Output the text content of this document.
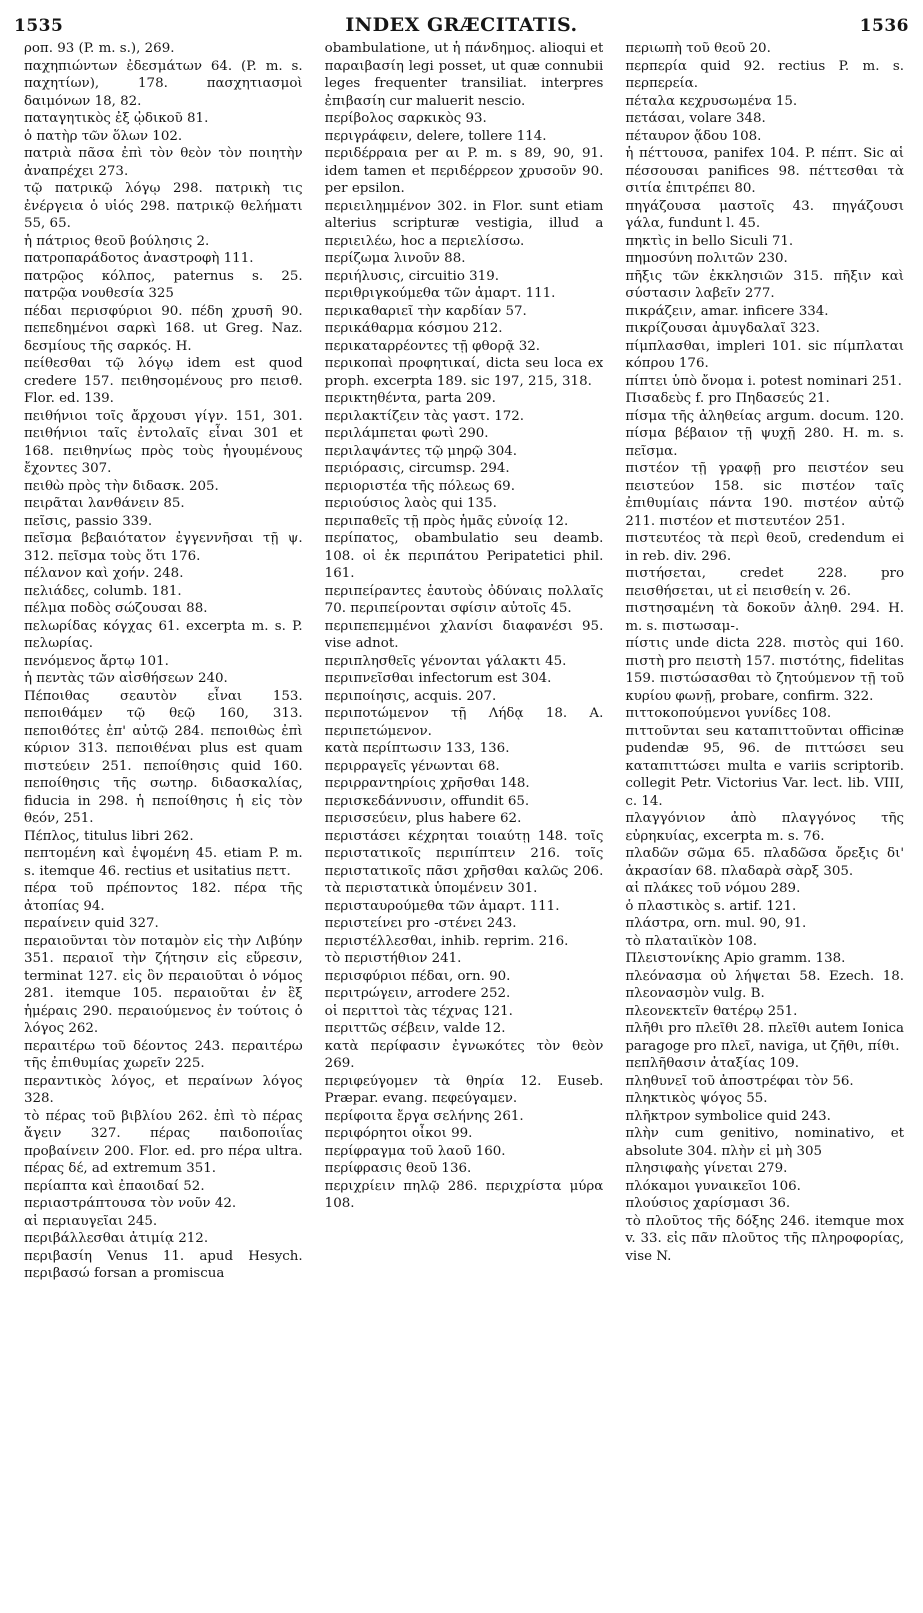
1535	INDEX GRÆCITATIS.	1536

ροπ. 93 (P. m. s.), 269.

παχηπιώντων ἐδεσμάτων 64. (P. m. s. παχητίων), 178. πασχητιασμοὶ δαιμόνων 18, 82.

παταγητικὸς ἐξ ᾠδικοῦ 81.

ὁ πατὴρ τῶν ὅλων 102.

πατριὰ πᾶσα ἐπὶ τὸν θεὸν τὸν ποιητὴν ἀναπρέχει 273.

τῷ πατρικῷ λόγῳ 298. πατρικὴ τις ἐνέργεια ὁ υἱός 298. πατρικῷ θελήματι 55, 65.

ἡ πάτριος θεοῦ βούλησις 2.

πατροπαράδοτος ἀναστροφὴ 111.

πατρῷος κόλπος, paternus s. 25. πατρῷα νουθεσία 325

πέδαι περισφύριοι 90. πέδη χρυσῆ 90. πεπεδημένοι σαρκὶ 168. ut Greg. Naz. δεσμίους τῆς σαρκός. H.

πείθεσθαι τῷ λόγῳ idem est quod credere 157. πειθησομένους pro πεισθ. Flor. ed. 139.

πειθήνιοι τοῖς ἄρχουσι γίγν. 151, 301. πειθήνιοι ταῖς ἐντολαῖς εἶναι 301 et 168. πειθηνίως πρὸς τοὺς ἡγουμένους ἔχοντες 307.

πειθὼ πρὸς τὴν διδασκ. 205.

πειρᾶται λανθάνειν 85.

πεῖσις, passio 339.

πεῖσμα βεβαιότατον ἐγγεννῆσαι τῇ ψ. 312. πεῖσμα τοὺς ὅτι 176.

πέλανον καὶ χοήν. 248.

πελιάδες, columb. 181.

πέλμα ποδὸς σώζουσαι 88.

πελωρίδας κόγχας 61. excerpta m. s. P. πελωρίας.

πενόμενος ἄρτῳ 101.

ἡ πεντὰς τῶν αἰσθήσεων 240.

Πέποιθας σεαυτὸν εἶναι 153. πεποιθάμεν τῷ θεῷ 160, 313. πεποιθότες ἐπ' αὐτῷ 284. πεποιθὼς ἐπὶ κύριον 313. πεποιθέναι plus est quam πιστεύειν 251. πεποίθησις quid 160. πεποίθησις τῆς σωτηρ. διδασκαλίας, fiducia in 298. ἡ πεποίθησις ἡ εἰς τὸν θεόν, 251.

Πέπλος, titulus libri 262.

πεπτομένη καὶ ἑψομένη 45. etiam P. m. s. itemque 46. rectius et usitatius πεττ.

πέρα τοῦ πρέποντος 182. πέρα τῆς ἀτοπίας 94.

περαίνειν quid 327.

περαιοῦνται τὸν ποταμὸν εἰς τὴν Λιβύην 351. περαιοῖ τὴν ζήτησιν εἰς εὕρεσιν, terminat 127. εἰς ὃν περαιοῦται ὁ νόμος 281. itemque 105. περαιοῦται ἐν ἓξ ἡμέραις 290. περαιούμενος ἐν τούτοις ὁ λόγος 262.

περαιτέρω τοῦ δέοντος 243. περαιτέρω τῆς ἐπιθυμίας χωρεῖν 225.

περαντικὸς λόγος, et περαίνων λόγος 328.

τὸ πέρας τοῦ βιβλίου 262. ἐπὶ τὸ πέρας ἄγειν 327. πέρας παιδοποιΐας προβαίνειν 200. Flor. ed. pro πέρα ultra. πέρας δέ, ad extremum 351.

περίαπτα καὶ ἐπαοιδαί 52.

περιαστράπτουσα τὸν νοῦν 42.

αἱ περιαυγεῖαι 245.

περιβάλλεσθαι ἀτιμίᾳ 212.

περιβασίη Venus 11. apud Hesych. περιβασώ forsan a promiscua

obambulatione, ut ἡ πάνδημος. alioqui et παραιβασίη legi posset, ut quæ connubii leges frequenter transiliat. interpres ἐπιβασίη cur maluerit nescio.

περίβολος σαρκικὸς 93.

περιγράφειν, delere, tollere 114.

περιδέρραια per αι P. m. s 89, 90, 91. idem tamen et περιδέρρεον χρυσοῦν 90. per epsilon.

περιειλημμένον 302. in Flor. sunt etiam alterius scripturæ vestigia, illud a περιειλέω, hoc a περιελίσσω.

περίζωμα λινοῦν 88.

περιήλυσις, circuitio 319.

περιθριγκούμεθα τῶν ἁμαρτ. 111.

περικαθαριεῖ τὴν καρδίαν 57.

περικάθαρμα κόσμου 212.

περικαταρρέοντες τῇ φθορᾷ 32.

περικοπαὶ προφητικαί, dicta seu loca ex proph. excerpta 189. sic 197, 215, 318.

περικτηθέντα, parta 209.

περιλακτίζειν τὰς γαστ. 172.

περιλάμπεται φωτὶ 290.

περιλαψάντες τῷ μηρῷ 304.

περιόρασις, circumsp. 294.

περιοριστέα τῆς πόλεως 69.

περιούσιος λαὸς qui 135.

περιπαθεῖς τῇ πρὸς ἡμᾶς εὐνοίᾳ 12.

περίπατος, obambulatio seu deamb. 108. οἱ ἐκ περιπάτου Peripatetici phil. 161.

περιπείραντες ἑαυτοὺς ὀδύναις πολλαῖς 70. περιπείρονται σφίσιν αὐτοῖς 45.

περιπεπεμμένοι χλανίσι διαφανέσι 95. vise adnot.

περιπλησθεῖς γένονται γάλακτι 45.

περιπνεῖσθαι infectorum est 304.

περιποίησις, acquis. 207.

περιποτώμενον τῇ Λήδᾳ 18. A. περιπετώμενον.

κατὰ περίπτωσιν 133, 136.

περιρραγεῖς γένωνται 68.

περιρραντηρίοις χρῆσθαι 148.

περισκεδάννυσιν, offundit 65.

περισσεύειν, plus habere 62.

περιστάσει κέχρηται τοιαύτῃ 148. τοῖς περιστατικοῖς περιπίπτειν 216. τοῖς περιστατικοῖς πᾶσι χρῆσθαι καλῶς 206. τὰ περιστατικὰ ὑπομένειν 301.

περισταυρούμεθα τῶν ἁμαρτ. 111.

περιστείνει pro -στένει 243.

περιστέλλεσθαι, inhib. reprim. 216.

τὸ περιστήθιον 241.

περισφύριοι πέδαι, orn. 90.

περιτρώγειν, arrodere 252.

οἱ περιττοὶ τὰς τέχνας 121.

περιττῶς σέβειν, valde 12.

κατὰ περίφασιν ἐγνωκότες τὸν θεὸν 269.

περιφεύγομεν τὰ θηρία 12. Euseb. Præpar. evang. πεφεύγαμεν.

περίφοιτα ἔργα σελήνης 261.

περιφόρητοι οἶκοι 99.

περίφραγμα τοῦ λαοῦ 160.

περίφρασις θεοῦ 136.

περιχρίειν πηλῷ 286. περιχρίστα μύρα 108.

περιωπὴ τοῦ θεοῦ 20.

περπερία quid 92. rectius P. m. s. περπερεία.

πέταλα κεχρυσωμένα 15.

πετάσαι, volare 348.

πέταυρον ᾅδου 108.

ἡ πέττουσα, panifex 104. P. πέπτ. Sic αἱ πέσσουσαι panifices 98. πέττεσθαι τὰ σιτία ἐπιτρέπει 80.

πηγάζουσα μαστοῖς 43. πηγάζουσι γάλα, fundunt l. 45.

πηκτὶς in bello Siculi 71.

πημοσύνη πολιτῶν 230.

πῆξις τῶν ἐκκλησιῶν 315. πῆξιν καὶ σύστασιν λαβεῖν 277.

πικράζειν, amar. inficere 334.

πικρίζουσαι ἀμυγδαλαῖ 323.

πίμπλασθαι, impleri 101. sic πίμπλαται κόπρου 176.

πίπτει ὑπὸ ὄνομα i. potest nominari 251.

Πισαδεὺς f. pro Πηδασεύς 21.

πίσμα τῆς ἀληθείας argum. docum. 120. πίσμα βέβαιον τῇ ψυχῇ 280. H. m. s. πεῖσμα.

πιστέον τῇ γραφῇ pro πειστέον seu πειστεύον 158. sic πιστέον ταῖς ἐπιθυμίαις πάντα 190. πιστέον αὐτῷ 211. πιστέον et πιστευτέον 251.

πιστευτέος τὰ περὶ θεοῦ, credendum ei in reb. div. 296.

πιστήσεται, credet 228. pro πεισθήσεται, ut εἰ πεισθείη v. 26.

πιστησαμένη τὰ δοκοῦν ἀληθ. 294. H. m. s. πιστωσαμ-.

πίστις unde dicta 228. πιστὸς qui 160. πιστὴ pro πειστὴ 157. πιστότης, fidelitas 159. πιστώσασθαι τὸ ζητούμενον τῇ τοῦ κυρίου φωνῇ, probare, confirm. 322.

πιττοκοπούμενοι γυνίδες 108.

πιττοῦνται seu καταπιττοῦνται officinæ pudendæ 95, 96. de πιττώσει seu καταπιττώσει multa e variis scriptorib. collegit Petr. Victorius Var. lect. lib. VIII, c. 14.

πλαγγόνιον ἀπὸ πλαγγόνος τῆς εὐρηκυίας, excerpta m. s. 76.

πλαδῶν σῶμα 65. πλαδῶσα ὄρεξις δι' ἀκρασίαν 68. πλαδαρὰ σὰρξ 305.

αἱ πλάκες τοῦ νόμου 289.

ὁ πλαστικὸς s. artif. 121.

πλάστρα, orn. mul. 90, 91.

τὸ πλαταιϊκὸν 108.

Πλειστονίκης Apio gramm. 138.

πλεόνασμα οὐ λήψεται 58. Ezech. 18. πλεονασμὸν vulg. B.

πλεονεκτεῖν θατέρῳ 251.

πλῆθι pro πλεῖθι 28. πλεῖθι autem Ionica paragoge pro πλεῖ, naviga, ut ζῆθι, πίθι.

πεπλῆθασιν ἀταξίας 109.

πληθυνεῖ τοῦ ἀποστρέφαι τὸν 56.

πληκτικὸς ψόγος 55.

πλῆκτρον symbolice quid 243.

πλὴν cum genitivo, nominativo, et absolute 304. πλὴν εἰ μὴ 305

πλησιφαὴς γίνεται 279.

πλόκαμοι γυναικεῖοι 106.

πλούσιος χαρίσμασι 36.

τὸ πλοῦτος τῆς δόξης 246. itemque mox v. 33. εἰς πᾶν πλοῦτος τῆς πληροφορίας, vise N.
